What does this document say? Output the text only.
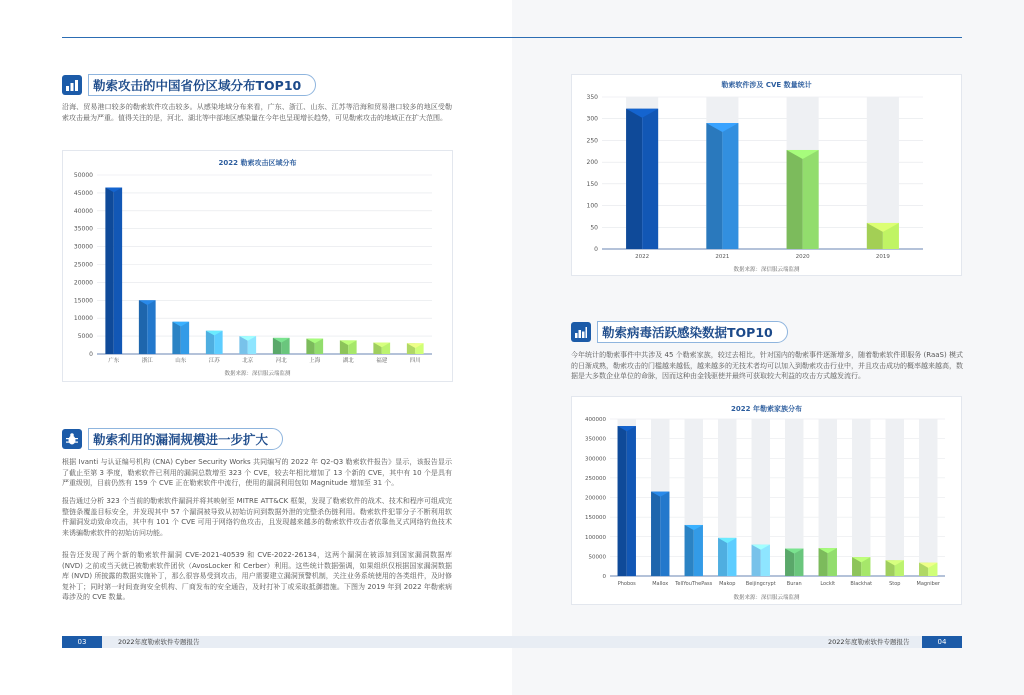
勒索攻击的中国省份区域分布TOP10
沿海、贸易港口较多的勒索软件攻击较多。从感染地域分布来看，广东、浙江、山东、江苏等沿海和贸易港口较多的地区受勒索攻击最为严重。值得关注的是，河北、湖北等中部地区感染量在今年也呈现增长趋势，可见勒索攻击的地域正在扩大范围。
2022 勒索攻击区域分布
0
5000
10000
15000
20000
25000
30000
35000
40000
45000
50000
广东	浙江	山东	江苏	北京	河北	上海	湖北	福建	四川
数据来源：深信服云端监测
勒索利用的漏洞规模进一步扩大
根据 Ivanti 与认证编号机构 (CNA) Cyber Security Works 共同编写的 2022 年 Q2-Q3 勒索软件报告》显示，该报告显示了截止至第 3 季度，勒索软件已利用的漏洞总数增至 323 个 CVE，较去年相比增加了 13 个新的 CVE，其中有 10 个是具有严重级别，目前仍然有 159 个 CVE 正在勒索软件中流行，使用的漏洞利用包如 Magnitude 增加至 31 个。
报告通过分析 323 个当前的勒索软件漏洞并将其映射至 MITRE ATT&CK 框架，发现了勒索软件的战术、技术和程序可组成完整链条覆盖目标安全，并发现其中 57 个漏洞被导致从初始访问到数据外泄的完整杀伤链利用。勒索软件犯罪分子不断利用软件漏洞发动致命攻击，其中有 101 个 CVE 可用于网络钓鱼攻击，且发现越来越多的勒索软件攻击者依靠鱼叉式网络钓鱼技术来诱骗勒索软件的初始访问功能。
报告还发现了两个新的勒索软件漏洞 CVE-2021-40539 和 CVE-2022-26134，这两个漏洞在被添加到国家漏洞数据库 (NVD) 之前或当天就已被勒索软件团伙（AvosLocker 和 Cerber）利用。这些统计数据强调，如果组织仅根据国家漏洞数据库 (NVD) 所披露的数据实施补丁，那么很容易受到攻击，用户需要建立漏洞预警机制，关注业务系统使用的各类组件，及时修复补丁；同时第一时间查询安全机构、厂商发布的安全通告，及时打补丁或采取抵御措施。下图为 2019 年到 2022 年勒索病毒涉及的 CVE 数量。
勒索软件涉及 CVE 数量统计
0
50
100
150
200
250
300
350
2022	2021	2020	2019
数据来源：深信服云端监测
勒索病毒活跃感染数据TOP10
今年统计的勒索事件中共涉及 45 个勒索家族，较过去相比，针对国内的勒索事件逐渐增多，随着勒索软件即服务 (RaaS) 模式的日渐成熟，勒索攻击的门槛越来越低，越来越多的无技术者均可以加入到勒索攻击行业中，并且攻击成功的概率越来越高，数据是大多数企业单位的命脉，因而这种由金钱驱使并最终可获取较大利益的攻击方式越发流行。
2022 年勒索家族分布
0
50000
100000
150000
200000
250000
300000
350000
400000
Phobos	Mallox TellYouThePass Makop Beijingcrypt Buran	Locklt	Blackhat	Stop	Magniber
数据来源：深信服云端监测
03	2022年度勒索软件专题报告	2022年度勒索软件专题报告	04
